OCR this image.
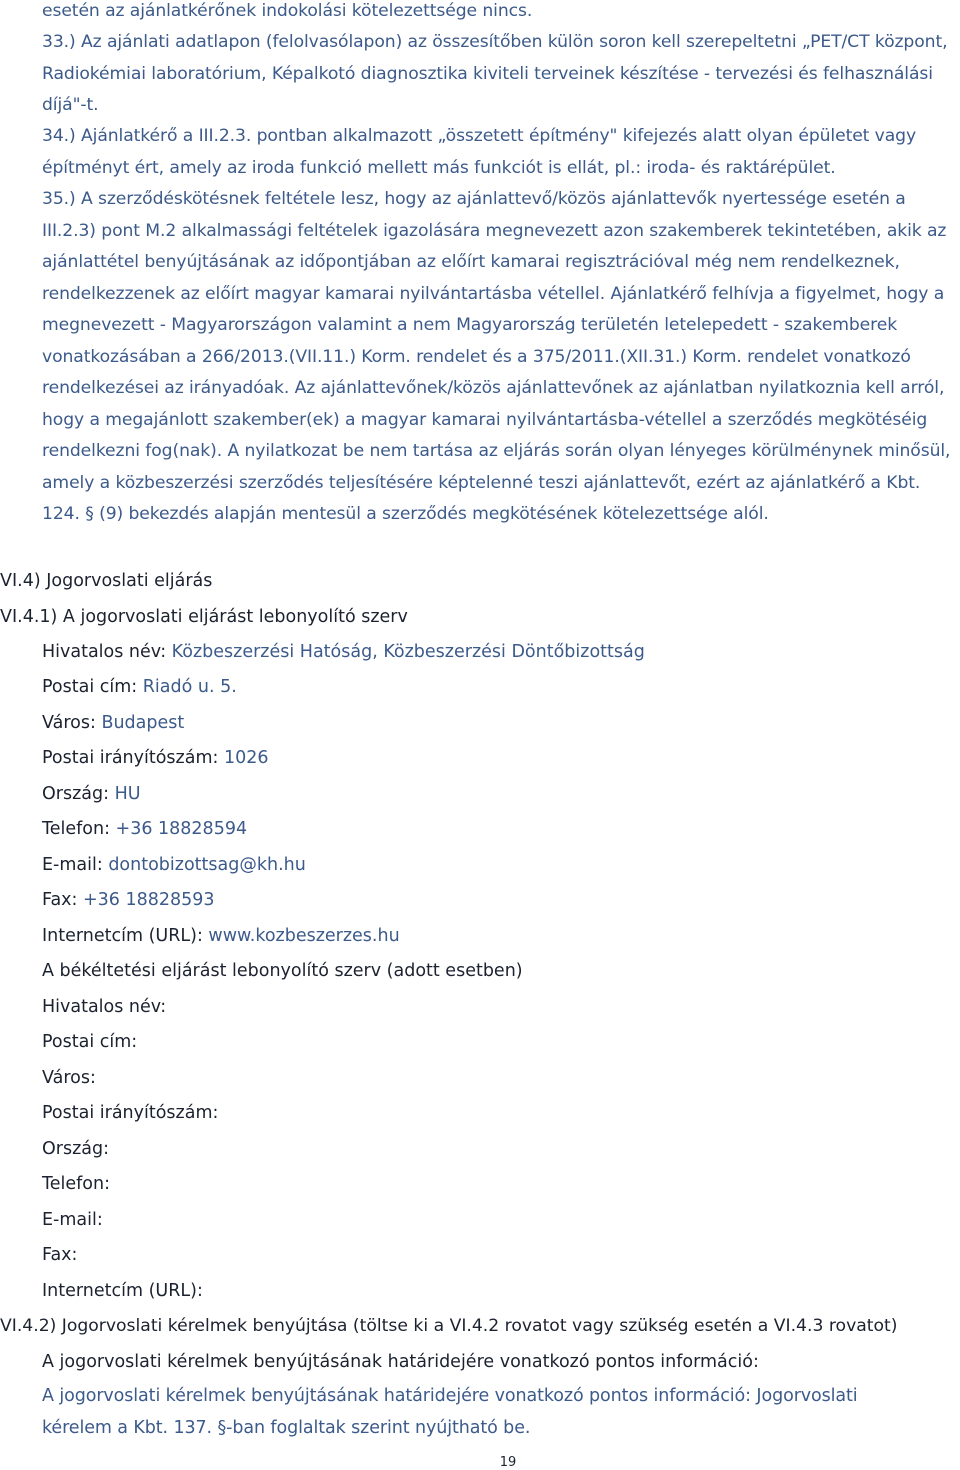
esetén az ajánlatkérőnek indokolási kötelezettsége nincs.

33.) Az ajánlati adatlapon (felolvasólapon) az összesítőben külön soron kell szerepeltetni „PET/CT központ, Radiokémiai laboratórium, Képalkotó diagnosztika kiviteli terveinek készítése - tervezési és felhasználási díjá"-t.

34.) Ajánlatkérő a III.2.3. pontban alkalmazott „összetett építmény" kifejezés alatt olyan épületet vagy építményt ért, amely az iroda funkció mellett más funkciót is ellát, pl.: iroda- és raktárépület.

35.) A szerződéskötésnek feltétele lesz, hogy az ajánlattevő/közös ajánlattevők nyertessége esetén a III.2.3) pont M.2 alkalmassági feltételek igazolására megnevezett azon szakemberek tekintetében, akik az ajánlattétel benyújtásának az időpontjában az előírt kamarai regisztrációval még nem rendelkeznek, rendelkezzenek az előírt magyar kamarai nyilvántartásba vétellel. Ajánlatkérő felhívja a figyelmet, hogy a megnevezett - Magyarországon valamint a nem Magyarország területén letelepedett - szakemberek vonatkozásában a 266/2013.(VII.11.) Korm. rendelet és a 375/2011.(XII.31.) Korm. rendelet vonatkozó rendelkezései az irányadóak. Az ajánlattevőnek/közös ajánlattevőnek az ajánlatban nyilatkoznia kell arról, hogy a megajánlott szakember(ek) a magyar kamarai nyilvántartásba-vétellel a szerződés megkötéséig rendelkezni fog(nak). A nyilatkozat be nem tartása az eljárás során olyan lényeges körülménynek minősül, amely a közbeszerzési szerződés teljesítésére képtelenné teszi ajánlattevőt, ezért az ajánlatkérő a Kbt. 124. § (9) bekezdés alapján mentesül a szerződés megkötésének kötelezettsége alól.

VI.4) Jogorvoslati eljárás
VI.4.1) A jogorvoslati eljárást lebonyolító szerv
Hivatalos név: Közbeszerzési Hatóság, Közbeszerzési Döntőbizottság
Postai cím: Riadó u. 5.
Város: Budapest
Postai irányítószám: 1026
Ország: HU
Telefon: +36 18828594
E-mail: dontobizottsag@kh.hu
Fax: +36 18828593
Internetcím (URL): www.kozbeszerzes.hu
A békéltetési eljárást lebonyolító szerv (adott esetben)
Hivatalos név:
Postai cím:
Város:
Postai irányítószám:
Ország:
Telefon:
E-mail:
Fax:
Internetcím (URL):
VI.4.2) Jogorvoslati kérelmek benyújtása (töltse ki a VI.4.2 rovatot vagy szükség esetén a VI.4.3 rovatot)
A jogorvoslati kérelmek benyújtásának határidejére vonatkozó pontos információ:

A jogorvoslati kérelmek benyújtásának határidejére vonatkozó pontos információ: Jogorvoslati kérelem a Kbt. 137. §-ban foglaltak szerint nyújtható be.

19
